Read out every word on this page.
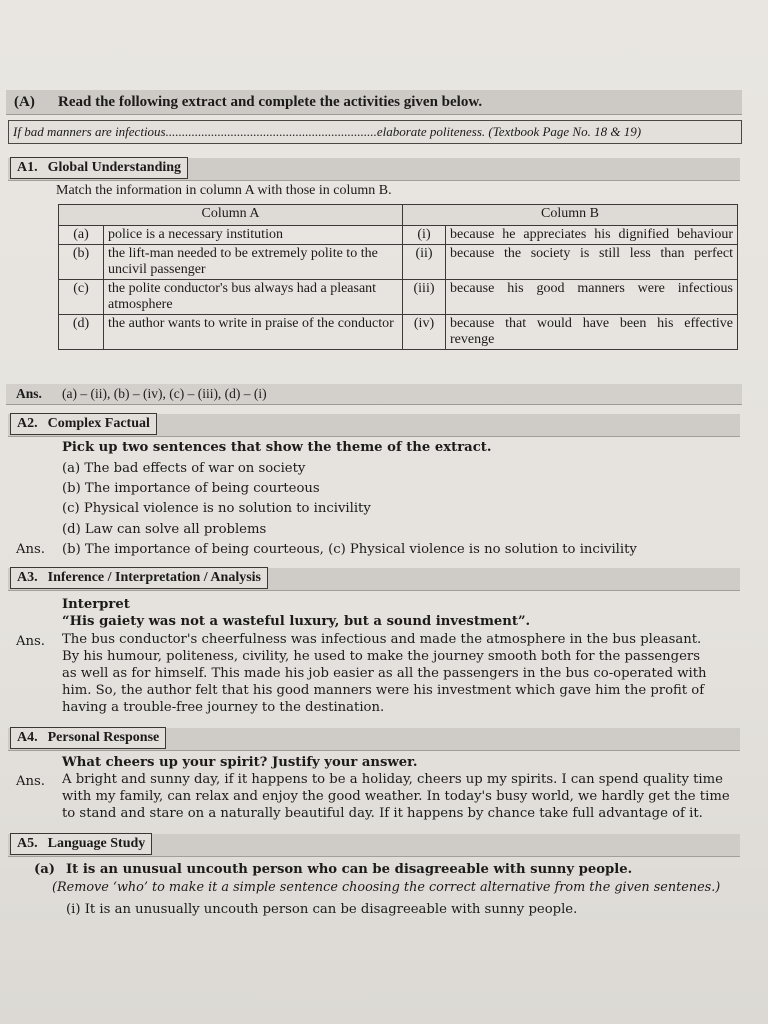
(A) Read the following extract and complete the activities given below.
If bad manners are infectious.................................................................elaborate politeness. (Textbook Page No. 18 & 19)
A1. Global Understanding
Match the information in column A with those in column B.
Column A		Column B	
(a)	police is a necessary institution	(i)	because he appreciates his dignified behaviour
(b)	the lift-man needed to be extremely polite to the uncivil passenger	(ii)	because the society is still less than perfect
(c)	the polite conductor's bus always had a pleasant atmosphere	(iii)	because his good manners were infectious
(d)	the author wants to write in praise of the conductor	(iv)	because that would have been his effective revenge
Ans. (a) – (ii), (b) – (iv), (c) – (iii), (d) – (i)
A2. Complex Factual
Pick up two sentences that show the theme of the extract.
(a) The bad effects of war on society
(b) The importance of being courteous
(c) Physical violence is no solution to incivility
(d) Law can solve all problems
Ans. (b) The importance of being courteous, (c) Physical violence is no solution to incivility
A3. Inference / Interpretation / Analysis
Interpret
“His gaiety was not a wasteful luxury, but a sound investment”.
Ans. The bus conductor's cheerfulness was infectious and made the atmosphere in the bus pleasant.
By his humour, politeness, civility, he used to make the journey smooth both for the passengers
as well as for himself. This made his job easier as all the passengers in the bus co-operated with
him. So, the author felt that his good manners were his investment which gave him the profit of
having a trouble-free journey to the destination.
A4. Personal Response
What cheers up your spirit? Justify your answer.
Ans. A bright and sunny day, if it happens to be a holiday, cheers up my spirits. I can spend quality time
with my family, can relax and enjoy the good weather. In today's busy world, we hardly get the time
to stand and stare on a naturally beautiful day. If it happens by chance take full advantage of it.
A5. Language Study
(a) It is an unusual uncouth person who can be disagreeable with sunny people.
(Remove ‘who’ to make it a simple sentence choosing the correct alternative from the given sentenes.)
(i) It is an unusually uncouth person can be disagreeable with sunny people.
